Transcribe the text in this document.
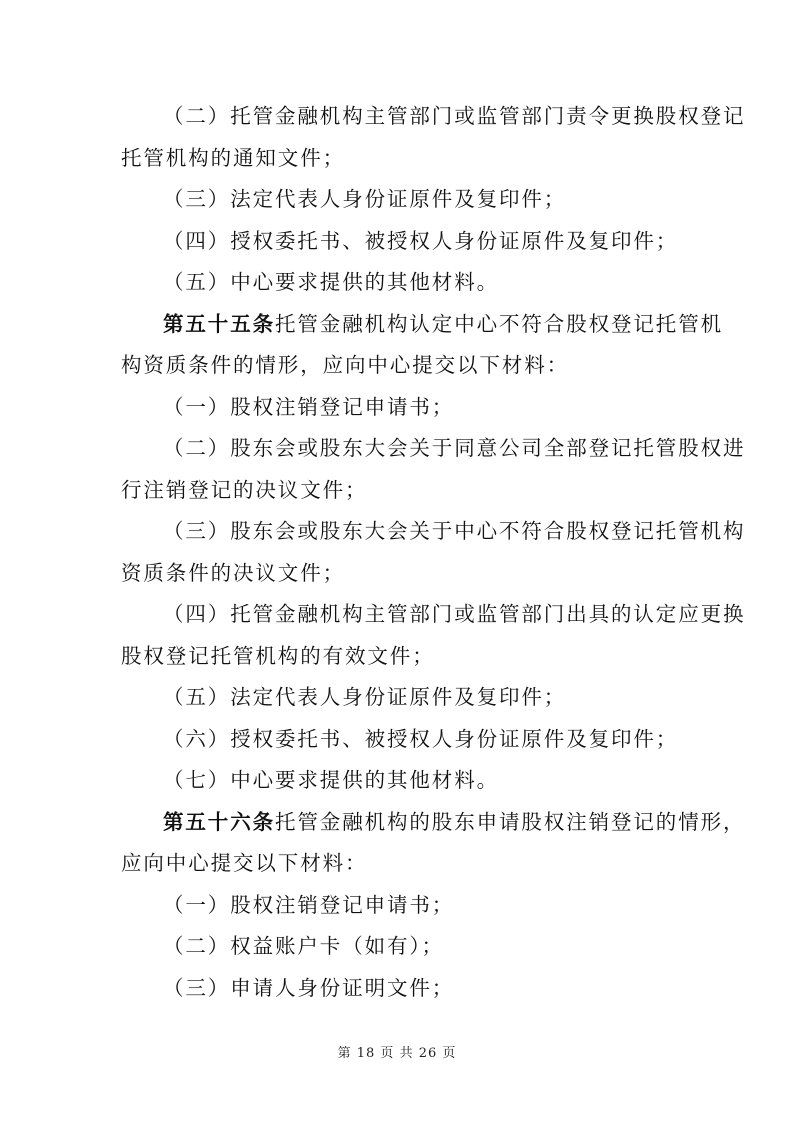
（二）托管金融机构主管部门或监管部门责令更换股权登记
托管机构的通知文件；
（三）法定代表人身份证原件及复印件；
（四）授权委托书、被授权人身份证原件及复印件；
（五）中心要求提供的其他材料。
第五十五条托管金融机构认定中心不符合股权登记托管机
构资质条件的情形，应向中心提交以下材料：
（一）股权注销登记申请书；
（二）股东会或股东大会关于同意公司全部登记托管股权进
行注销登记的决议文件；
（三）股东会或股东大会关于中心不符合股权登记托管机构
资质条件的决议文件；
（四）托管金融机构主管部门或监管部门出具的认定应更换
股权登记托管机构的有效文件；
（五）法定代表人身份证原件及复印件；
（六）授权委托书、被授权人身份证原件及复印件；
（七）中心要求提供的其他材料。
第五十六条托管金融机构的股东申请股权注销登记的情形，
应向中心提交以下材料：
（一）股权注销登记申请书；
（二）权益账户卡（如有）；
（三）申请人身份证明文件；
第 18 页 共 26 页
